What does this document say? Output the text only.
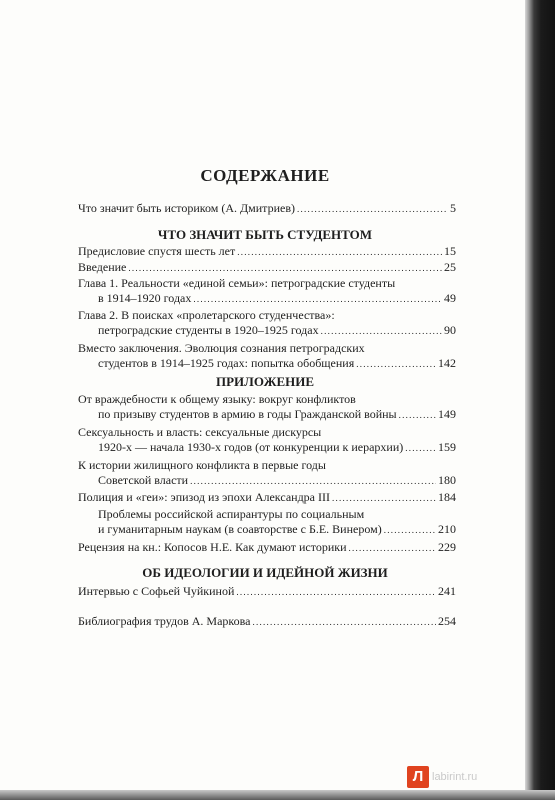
СОДЕРЖАНИЕ
Что значит быть историком (А. Дмитриев) . . .	5
ЧТО ЗНАЧИТ БЫТЬ СТУДЕНТОМ
Предисловие спустя шесть лет . . .	15
Введение . . .	25
Глава 1. Реальности «единой семьи»: петроградские студенты
в 1914–1920 годах . . .	49
Глава 2. В поисках «пролетарского студенчества»:
петроградские студенты в 1920–1925 годах . . .	90
Вместо заключения. Эволюция сознания петроградских
студентов в 1914–1925 годах: попытка обобщения . . .	142
ПРИЛОЖЕНИЕ
От враждебности к общему языку: вокруг конфликтов
по призыву студентов в армию в годы Гражданской войны . . .	149
Сексуальность и власть: сексуальные дискурсы
1920-х — начала 1930-х годов (от конкуренции к иерархии) . . .	159
К истории жилищного конфликта в первые годы
Советской власти . . .	180
Полиция и «геи»: эпизод из эпохи Александра III . . .	184
Проблемы российской аспирантуры по социальным
и гуманитарным наукам (в соавторстве с Б.Е. Винером) . . .	210
Рецензия на кн.: Копосов Н.Е. Как думают историки . . .	229
ОБ ИДЕОЛОГИИ И ИДЕЙНОЙ ЖИЗНИ
Интервью с Софьей Чуйкиной . . .	241
Библиография трудов А. Маркова . . .	254
Л labirint.ru
